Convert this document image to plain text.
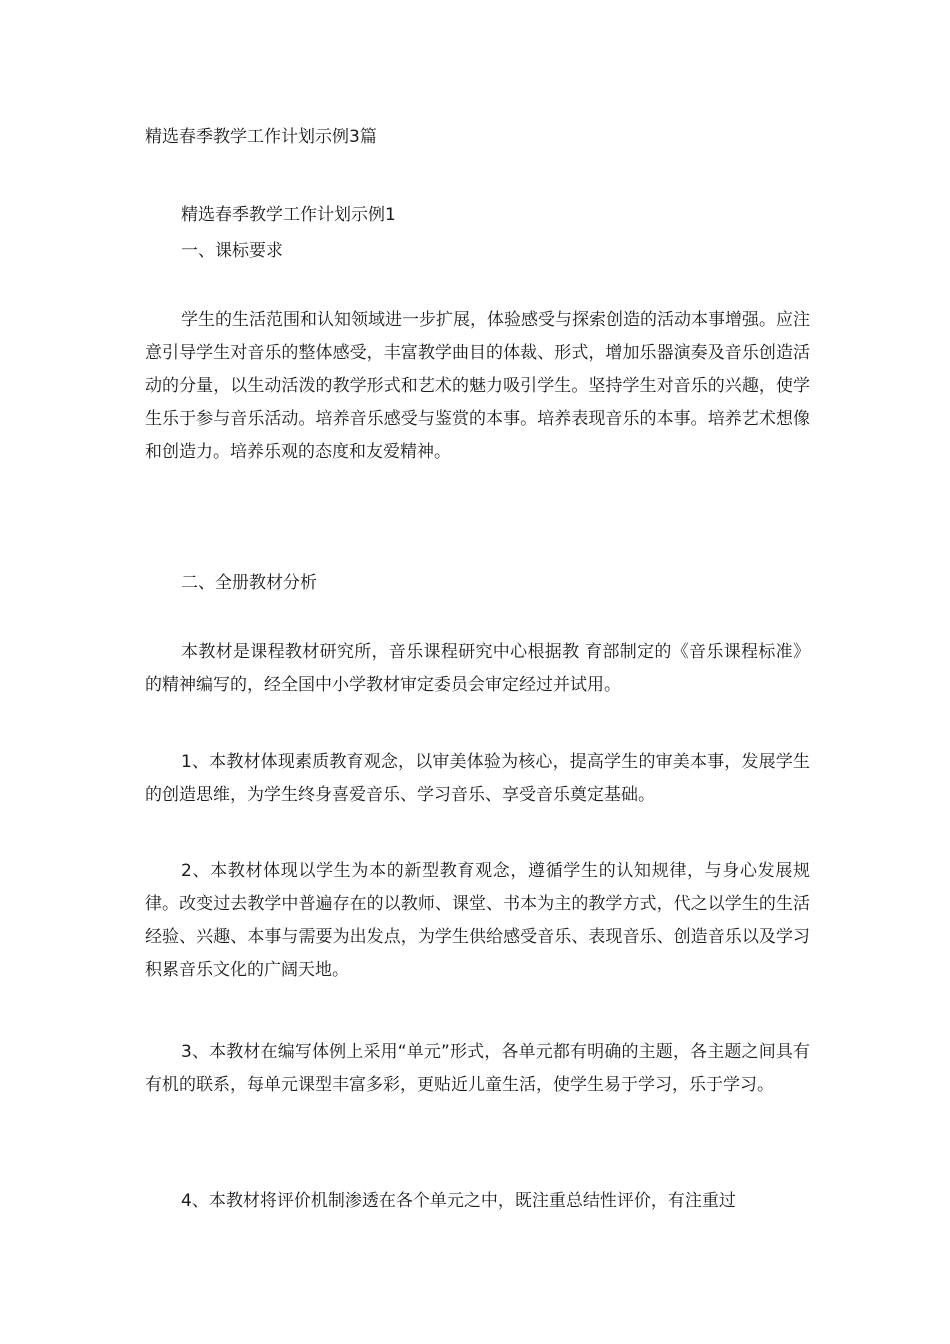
精选春季教学工作计划示例3篇
精选春季教学工作计划示例1
一、课标要求

学生的生活范围和认知领域进一步扩展，体验感受与探索创造的活动本事增强。应注意引导学生对音乐的整体感受，丰富教学曲目的体裁、形式，增加乐器演奏及音乐创造活动的分量，以生动活泼的教学形式和艺术的魅力吸引学生。坚持学生对音乐的兴趣，使学生乐于参与音乐活动。培养音乐感受与鉴赏的本事。培养表现音乐的本事。培养艺术想像和创造力。培养乐观的态度和友爱精神。

二、全册教材分析

本教材是课程教材研究所，音乐课程研究中心根据教 育部制定的《音乐课程标准》的精神编写的，经全国中小学教材审定委员会审定经过并试用。

1、本教材体现素质教育观念，以审美体验为核心，提高学生的审美本事，发展学生的创造思维，为学生终身喜爱音乐、学习音乐、享受音乐奠定基础。

2、本教材体现以学生为本的新型教育观念，遵循学生的认知规律，与身心发展规律。改变过去教学中普遍存在的以教师、课堂、书本为主的教学方式，代之以学生的生活经验、兴趣、本事与需要为出发点，为学生供给感受音乐、表现音乐、创造音乐以及学习积累音乐文化的广阔天地。

3、本教材在编写体例上采用“单元”形式，各单元都有明确的主题，各主题之间具有有机的联系，每单元课型丰富多彩，更贴近儿童生活，使学生易于学习，乐于学习。

4、本教材将评价机制渗透在各个单元之中，既注重总结性评价，有注重过
